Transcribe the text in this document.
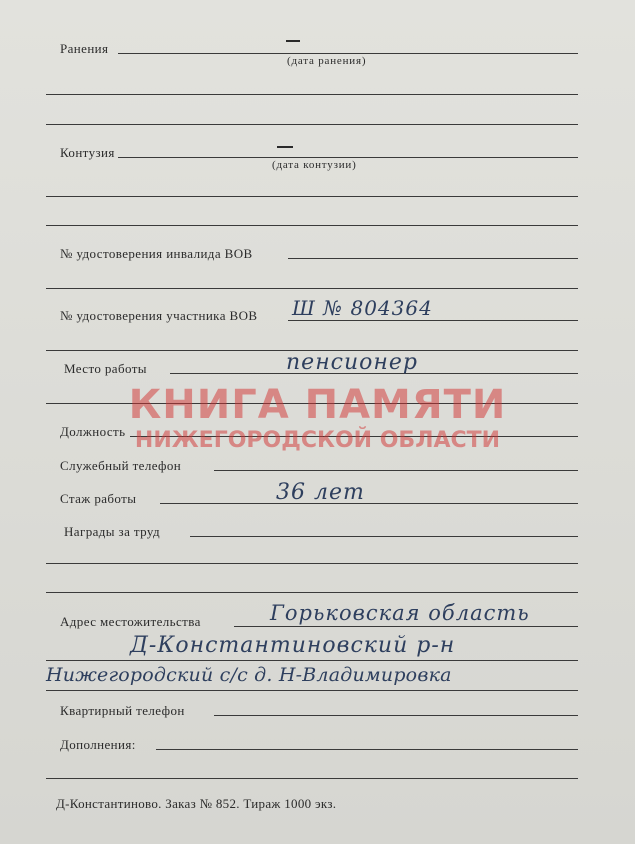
Ранения
(дата ранения)
Контузия
(дата контузии)
№ удостоверения инвалида ВОВ
№ удостоверения участника ВОВ Ш № 804364
Место работы	пенсионер
Должность
Служебный телефон
Стаж работы	36 лет
Награды за труд
Адрес местожительства	Горьковская область
Д-Константиновский р-н
Нижегородский с/с д. Н-Владимировка
Квартирный телефон
Дополнения:
КНИГА ПАМЯТИ
НИЖЕГОРОДСКОЙ ОБЛАСТИ
Д-Константиново. Заказ № 852. Тираж 1000 экз.
